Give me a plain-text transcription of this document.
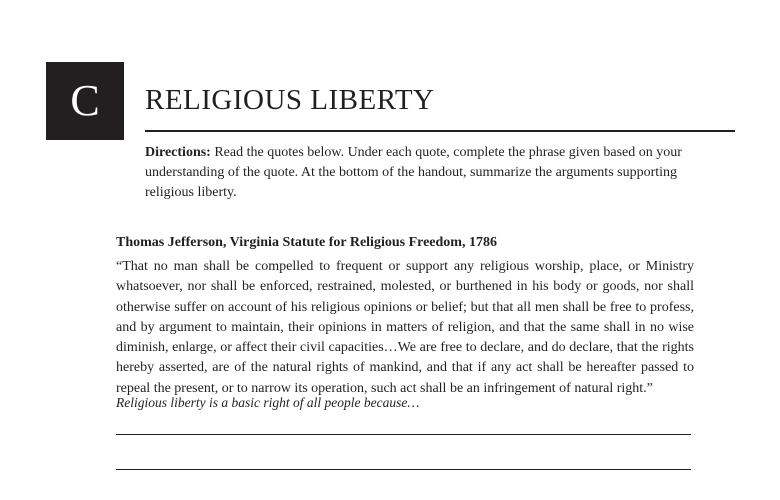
C RELIGIOUS LIBERTY
Directions: Read the quotes below. Under each quote, complete the phrase given based on your understanding of the quote. At the bottom of the handout, summarize the arguments supporting religious liberty.
Thomas Jefferson, Virginia Statute for Religious Freedom, 1786
“That no man shall be compelled to frequent or support any religious worship, place, or Ministry whatsoever, nor shall be enforced, restrained, molested, or burthened in his body or goods, nor shall otherwise suffer on account of his religious opinions or belief; but that all men shall be free to profess, and by argument to maintain, their opinions in matters of religion, and that the same shall in no wise diminish, enlarge, or affect their civil capacities…We are free to declare, and do declare, that the rights hereby asserted, are of the natural rights of mankind, and that if any act shall be hereafter passed to repeal the present, or to narrow its operation, such act shall be an infringement of natural right.”
Religious liberty is a basic right of all people because…
